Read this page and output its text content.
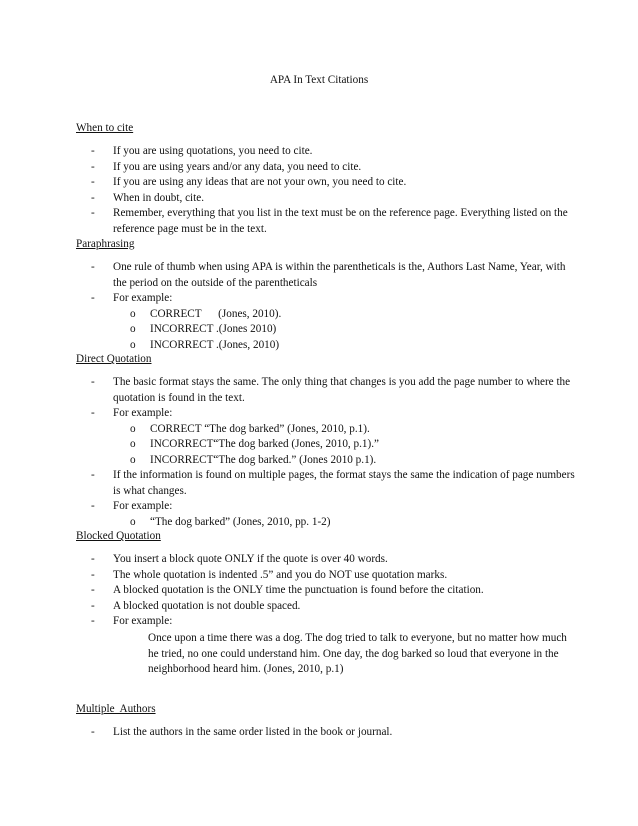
APA In Text Citations
When to cite
- If you are using quotations, you need to cite.
- If you are using years and/or any data, you need to cite.
- If you are using any ideas that are not your own, you need to cite.
- When in doubt, cite.
- Remember, everything that you list in the text must be on the reference page. Everything listed on the reference page must be in the text.
Paraphrasing
- One rule of thumb when using APA is within the parentheticals is the, Authors Last Name, Year, with the period on the outside of the parentheticals
- For example:
o CORRECT      (Jones, 2010).
o INCORRECT .(Jones 2010)
o INCORRECT .(Jones, 2010)
Direct Quotation
- The basic format stays the same. The only thing that changes is you add the page number to where the quotation is found in the text.
- For example:
o CORRECT “The dog barked” (Jones, 2010, p.1).
o INCORRECT“The dog barked (Jones, 2010, p.1).”
o INCORRECT“The dog barked.” (Jones 2010 p.1).
- If the information is found on multiple pages, the format stays the same the indication of page numbers is what changes.
- For example:
o “The dog barked” (Jones, 2010, pp. 1-2)
Blocked Quotation
- You insert a block quote ONLY if the quote is over 40 words.
- The whole quotation is indented .5” and you do NOT use quotation marks.
- A blocked quotation is the ONLY time the punctuation is found before the citation.
- A blocked quotation is not double spaced.
- For example:
Once upon a time there was a dog. The dog tried to talk to everyone, but no matter how much he tried, no one could understand him. One day, the dog barked so loud that everyone in the neighborhood heard him. (Jones, 2010, p.1)
Multiple  Authors
- List the authors in the same order listed in the book or journal.
